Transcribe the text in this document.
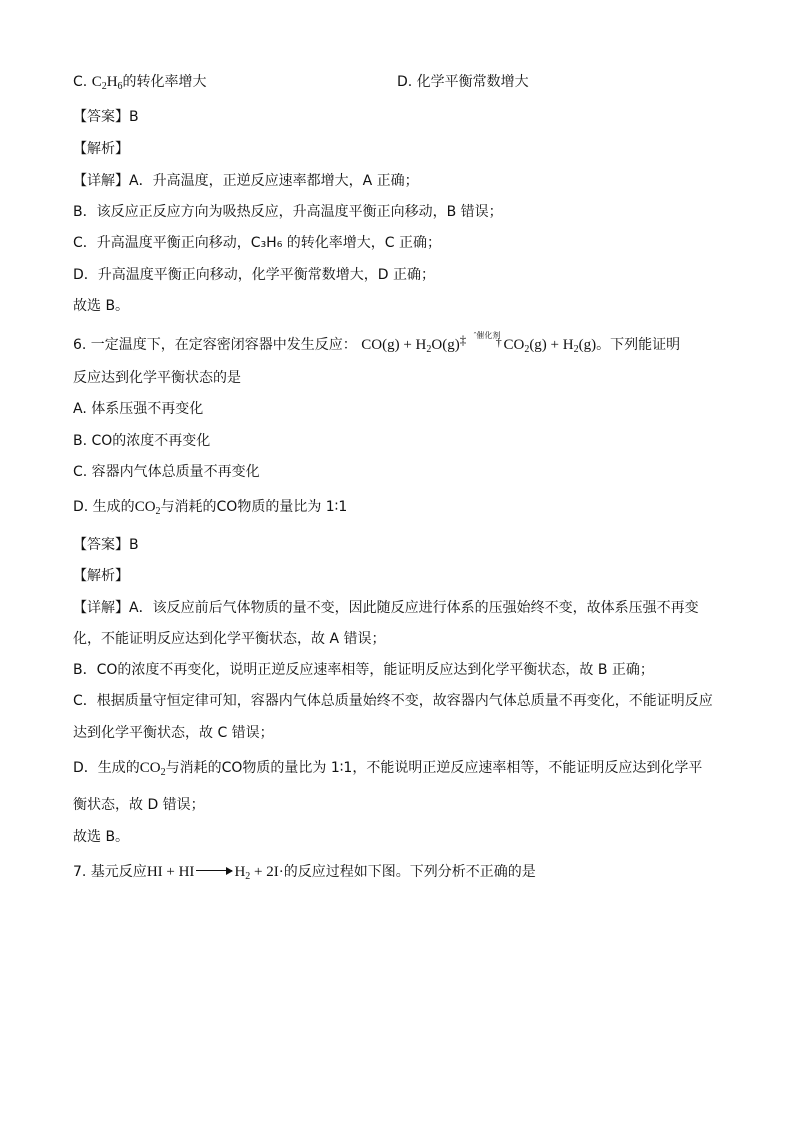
C. $C_2H_6$的转化率增大	D. 化学平衡常数增大
【答案】B
【解析】
【详解】A．升高温度，正逆反应速率都增大，A 正确；
B．该反应正反应方向为吸热反应，升高温度平衡正向移动，B 错误；
C．升高温度平衡正向移动，C₃H₆ 的转化率增大，C 正确；
D．升高温度平衡正向移动，化学平衡常数增大，D 正确；
故选 B。
6. 一定温度下，在定容密闭容器中发生反应： $CO(g) + H_2O(g)$ ‡ ˆ催化剂
†
$CO_2(g) + H_2(g)$。下列能证明
反应达到化学平衡状态的是
A. 体系压强不再变化
B. CO的浓度不再变化
C. 容器内气体总质量不再变化
D. 生成的$CO_2$与消耗的CO物质的量比为 1∶1
【答案】B
【解析】
【详解】A．该反应前后气体物质的量不变，因此随反应进行体系的压强始终不变，故体系压强不再变
化，不能证明反应达到化学平衡状态，故 A 错误；
B．CO的浓度不再变化，说明正逆反应速率相等，能证明反应达到化学平衡状态，故 B 正确；
C．根据质量守恒定律可知，容器内气体总质量始终不变，故容器内气体总质量不再变化，不能证明反应
达到化学平衡状态，故 C 错误；
D．生成的$CO_2$与消耗的CO物质的量比为 1∶1，不能说明正逆反应速率相等，不能证明反应达到化学平
衡状态，故 D 错误；
故选 B。
7. 基元反应HI + HI → $H_2 + 2I\cdot$的反应过程如下图。下列分析不正确的是
